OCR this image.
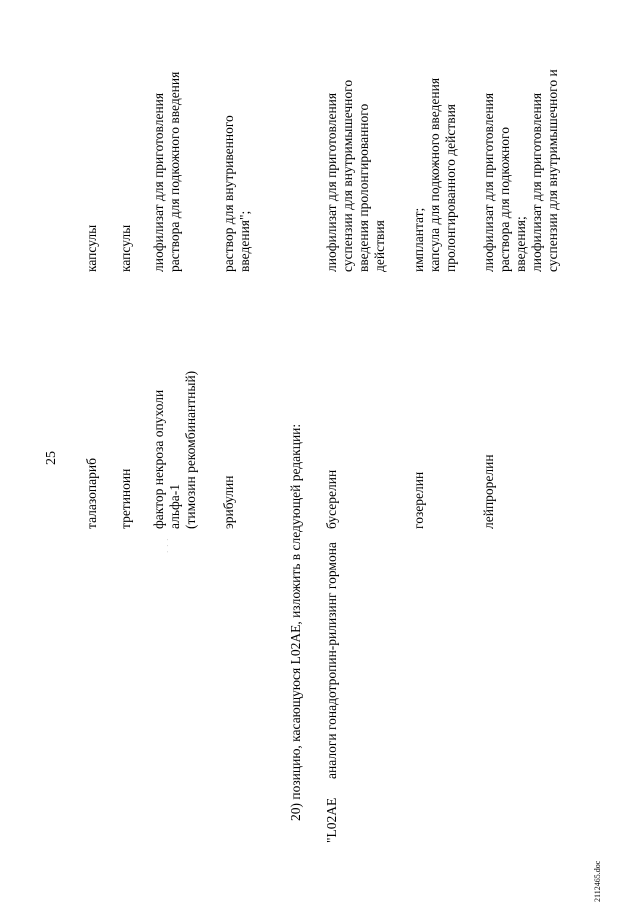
25
талазопариб
капсулы
третиноин
капсулы
фактор некроза опухоли
альфа-1
(тимозин рекомбинантный)
лиофилизат для приготовления
раствора для подкожного введения
· · ·
эрибулин
раствор для внутривенного
введения";
20) позицию, касающуюся L02AE, изложить в следующей редакции: "L02AE
аналоги гонадотропин-рилизинг гормона
бусерелин
лиофилизат для приготовления
суспензии для внутримышечного
введения пролонгированного
действия
гозерелин
имплантат;
капсула для подкожного введения
пролонгированного действия
лейпрорелин
лиофилизат для приготовления
раствора для подкожного
введения;
лиофилизат для приготовления
суспензии для внутримышечного и
2112465.doc
